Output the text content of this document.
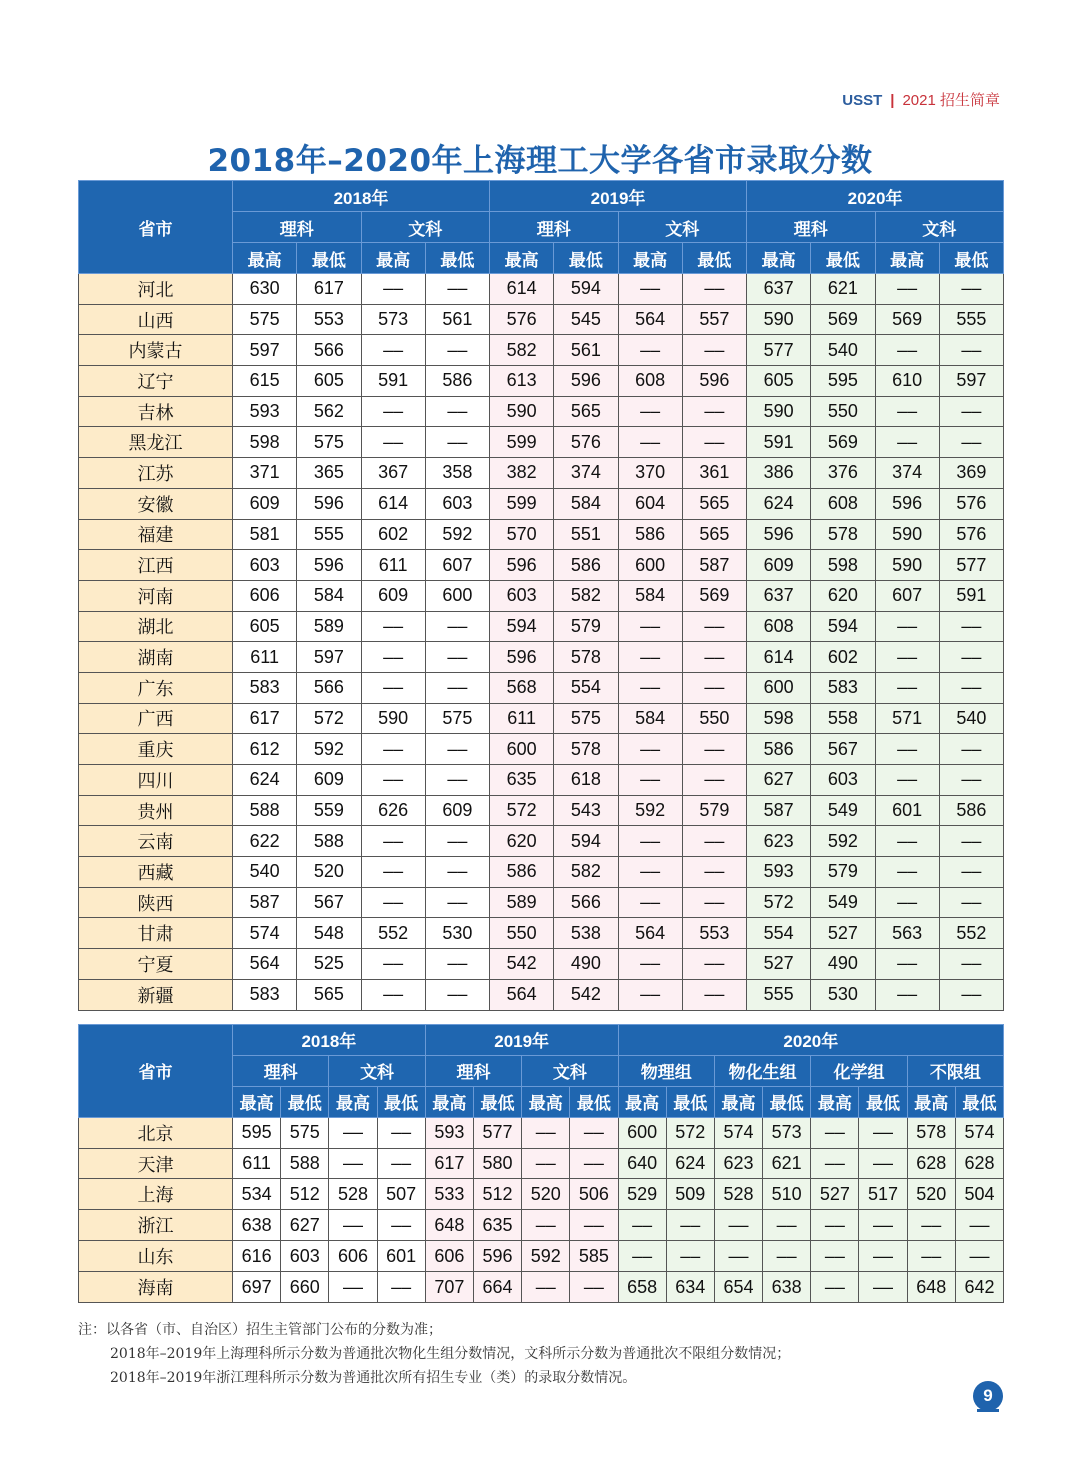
USST | 2021 招生简章
2018年–2020年上海理工大学各省市录取分数
省市	2018年				2019年				2020年			
	理科		文科		理科		文科		理科		文科	
	最高	最低	最高	最低	最高	最低	最高	最低	最高	最低	最高	最低
河北	630	617	––	––	614	594	––	––	637	621	––	––
山西	575	553	573	561	576	545	564	557	590	569	569	555
内蒙古	597	566	––	––	582	561	––	––	577	540	––	––
辽宁	615	605	591	586	613	596	608	596	605	595	610	597
吉林	593	562	––	––	590	565	––	––	590	550	––	––
黑龙江	598	575	––	––	599	576	––	––	591	569	––	––
江苏	371	365	367	358	382	374	370	361	386	376	374	369
安徽	609	596	614	603	599	584	604	565	624	608	596	576
福建	581	555	602	592	570	551	586	565	596	578	590	576
江西	603	596	611	607	596	586	600	587	609	598	590	577
河南	606	584	609	600	603	582	584	569	637	620	607	591
湖北	605	589	––	––	594	579	––	––	608	594	––	––
湖南	611	597	––	––	596	578	––	––	614	602	––	––
广东	583	566	––	––	568	554	––	––	600	583	––	––
广西	617	572	590	575	611	575	584	550	598	558	571	540
重庆	612	592	––	––	600	578	––	––	586	567	––	––
四川	624	609	––	––	635	618	––	––	627	603	––	––
贵州	588	559	626	609	572	543	592	579	587	549	601	586
云南	622	588	––	––	620	594	––	––	623	592	––	––
西藏	540	520	––	––	586	582	––	––	593	579	––	––
陕西	587	567	––	––	589	566	––	––	572	549	––	––
甘肃	574	548	552	530	550	538	564	553	554	527	563	552
宁夏	564	525	––	––	542	490	––	––	527	490	––	––
新疆	583	565	––	––	564	542	––	––	555	530	––	––
省市	2018年				2019年				2020年							
	理科		文科		理科		文科		物理组		物化生组		化学组		不限组	
	最高	最低	最高	最低	最高	最低	最高	最低	最高	最低	最高	最低	最高	最低	最高	最低
北京	595	575	––	––	593	577	––	––	600	572	574	573	––	––	578	574
天津	611	588	––	––	617	580	––	––	640	624	623	621	––	––	628	628
上海	534	512	528	507	533	512	520	506	529	509	528	510	527	517	520	504
浙江	638	627	––	––	648	635	––	––	––	––	––	––	––	––	––	––
山东	616	603	606	601	606	596	592	585	––	––	––	––	––	––	––	––
海南	697	660	––	––	707	664	––	––	658	634	654	638	––	––	648	642
注：以各省（市、自治区）招生主管部门公布的分数为准；
2018年–2019年上海理科所示分数为普通批次物化生组分数情况，文科所示分数为普通批次不限组分数情况；
2018年–2019年浙江理科所示分数为普通批次所有招生专业（类）的录取分数情况。
9
